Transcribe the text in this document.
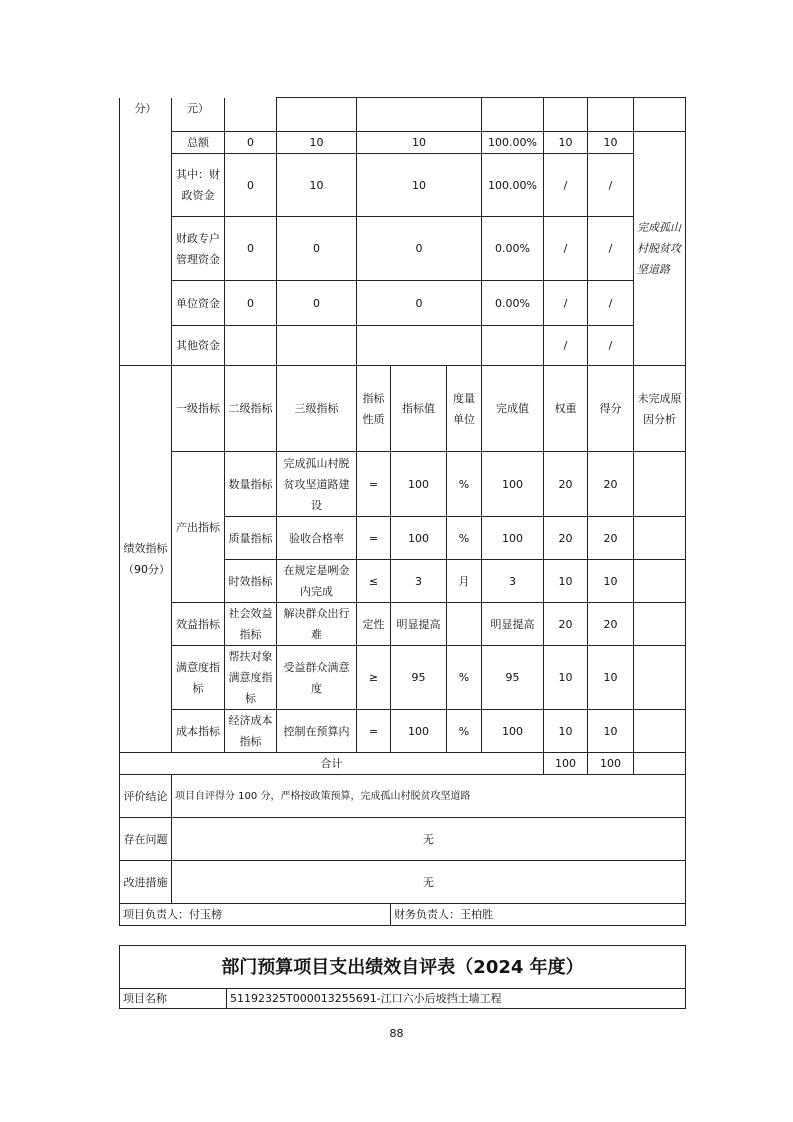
分）	元）									
	总额	0	10	10			100.00%	10	10	完成孤山村脱贫攻坚道路
	其中：财政资金	0	10	10			100.00%	/	/	
	财政专户管理资金	0	0	0			0.00%	/	/	
	单位资金	0	0	0			0.00%	/	/	
	其他资金							/	/	
绩效指标（90分）	一级指标	二级指标	三级指标	指标性质	指标值	度量单位	完成值	权重	得分	未完成原因分析
	产出指标	数量指标	完成孤山村脱贫攻坚道路建设	=	100	%	100	20	20	
		质量指标	验收合格率	=	100	%	100	20	20	
		时效指标	在规定是咧金内完成	≤	3	月	3	10	10	
	效益指标	社会效益指标	解决群众出行难	定性	明显提高		明显提高	20	20	
	满意度指标	帮扶对象满意度指标	受益群众满意度	≥	95	%	95	10	10	
	成本指标	经济成本指标	控制在预算内	=	100	%	100	10	10	
合计								100	100	
评价结论	项目自评得分 100 分，严格按政策预算，完成孤山村脱贫攻坚道路									
存在问题	无									
改进措施	无									
项目负责人：付玉榜					财务负责人：王柏胜					
部门预算项目支出绩效自评表（2024 年度）
项目名称	51192325T000013255691-江口六小后坡挡土墙工程
88
